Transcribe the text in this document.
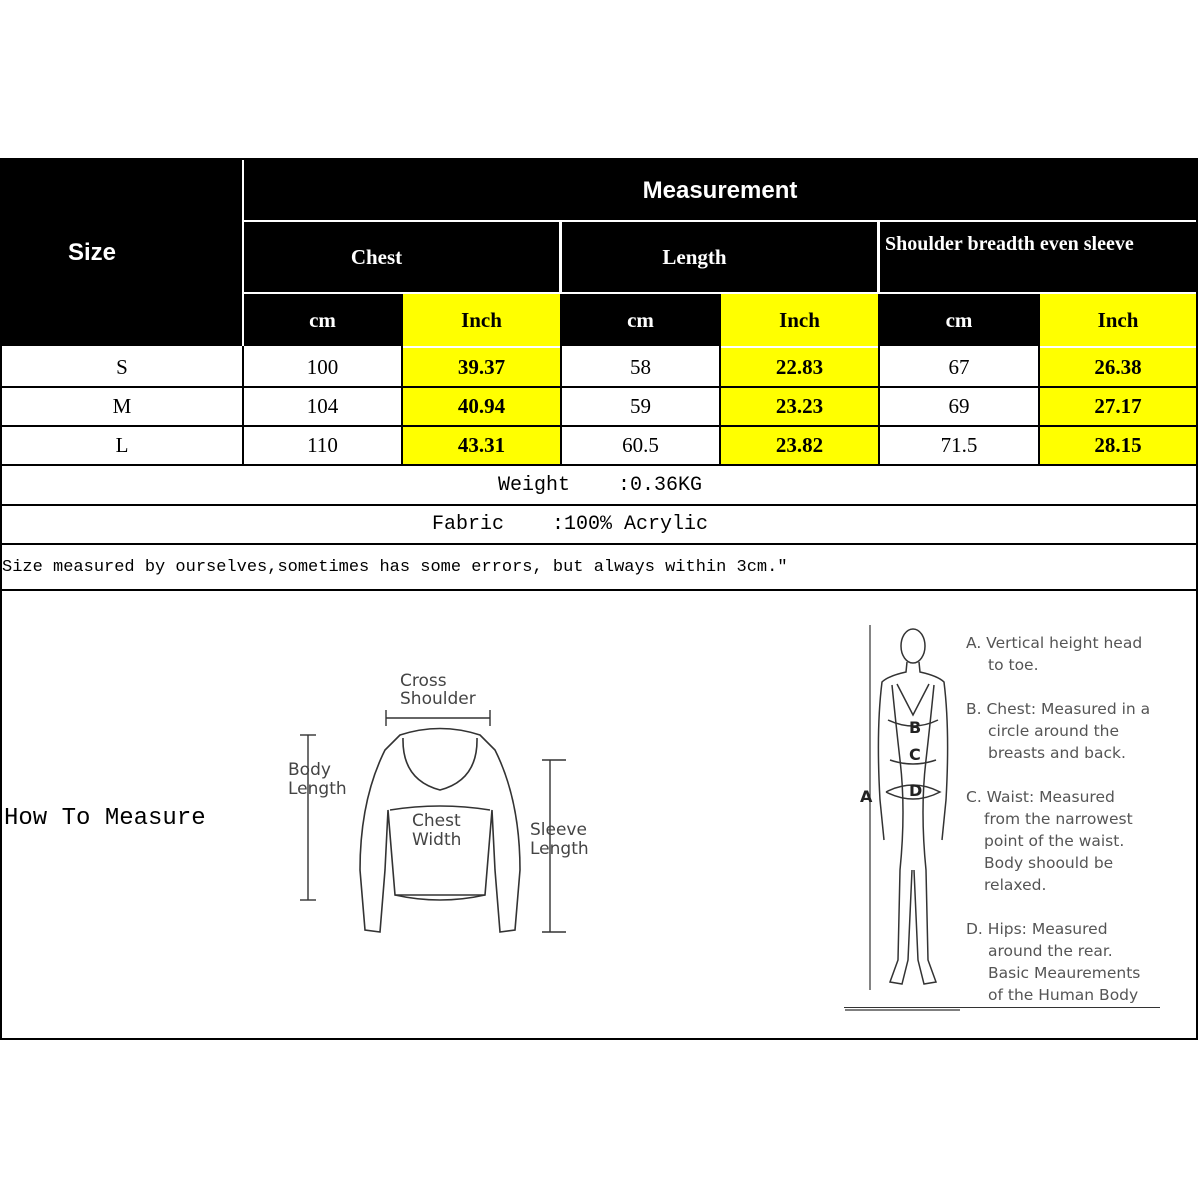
Size
Measurement
Chest	Length
Shoulder breadth even sleeve
cm	Inch	cm	Inch	cm	Inch
S	100	39.37	58	22.83	67	26.38
M	104	40.94	59	23.23	69	27.17
L	110	43.31	60.5	23.82	71.5	28.15
Weight    :0.36KG
Fabric    :100% Acrylic
Size measured by ourselves,sometimes has some errors, but always within 3cm."
How To Measure
Cross
Shoulder
Body
Length
Chest
Width	Sleeve
Length
A
B
C
D
A. Vertical height head
to toe.
B. Chest: Measured in a
circle around the
breasts and back.
C. Waist: Measured
from the narrowest
point of the waist.
Body shoould be
relaxed.
D. Hips: Measured
around the rear.
Basic Meaurements
of the Human Body
